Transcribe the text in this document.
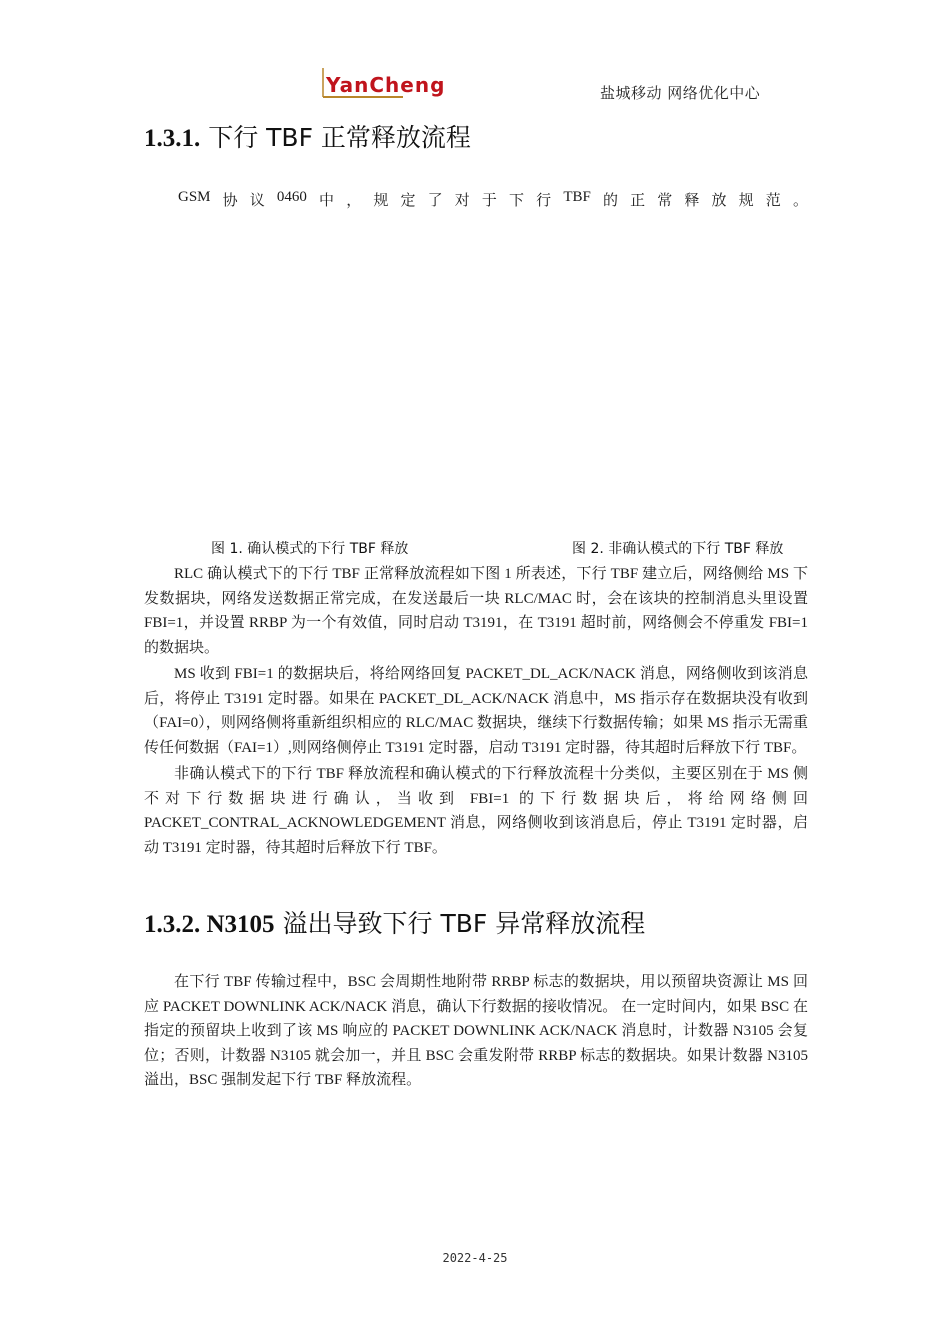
YanCheng	盐城移动 网络优化中心
1.3.1. 下行 TBF 正常释放流程
GSM 协 议 0460 中 ， 规 定 了 对 于 下 行 TBF 的 正 常 释 放 规 范 。
图 1. 确认模式的下行 TBF 释放	图 2. 非确认模式的下行 TBF 释放

RLC 确认模式下的下行 TBF 正常释放流程如下图 1 所表述，下行 TBF 建立后，网络侧给 MS 下发数据块，网络发送数据正常完成，在发送最后一块 RLC/MAC 时，会在该块的控制消息头里设置 FBI=1，并设置 RRBP 为一个有效值，同时启动 T3191，在 T3191 超时前，网络侧会不停重发 FBI=1 的数据块。

MS 收到 FBI=1 的数据块后，将给网络回复 PACKET_DL_ACK/NACK 消息，网络侧收到该消息后，将停止 T3191 定时器。如果在 PACKET_DL_ACK/NACK 消息中，MS 指示存在数据块没有收到（FAI=0），则网络侧将重新组织相应的 RLC/MAC 数据块，继续下行数据传输；如果 MS 指示无需重传任何数据（FAI=1）,则网络侧停止 T3191 定时器，启动 T3191 定时器，待其超时后释放下行 TBF。

非确认模式下的下行 TBF 释放流程和确认模式的下行释放流程十分类似，主要区别在于 MS 侧不对下行数据块进行确认，当收到 FBI=1 的下行数据块后，将给网络侧回 PACKET_CONTRAL_ACKNOWLEDGEMENT 消息，网络侧收到该消息后，停止 T3191 定时器，启动 T3191 定时器，待其超时后释放下行 TBF。

1.3.2. N3105 溢出导致下行 TBF 异常释放流程

在下行 TBF 传输过程中，BSC 会周期性地附带 RRBP 标志的数据块，用以预留块资源让 MS 回应 PACKET DOWNLINK ACK/NACK 消息，确认下行数据的接收情况。 在一定时间内，如果 BSC 在指定的预留块上收到了该 MS 响应的 PACKET DOWNLINK ACK/NACK 消息时，计数器 N3105 会复位；否则，计数器 N3105 就会加一，并且 BSC 会重发附带 RRBP 标志的数据块。如果计数器 N3105 溢出，BSC 强制发起下行 TBF 释放流程。

2022-4-25
